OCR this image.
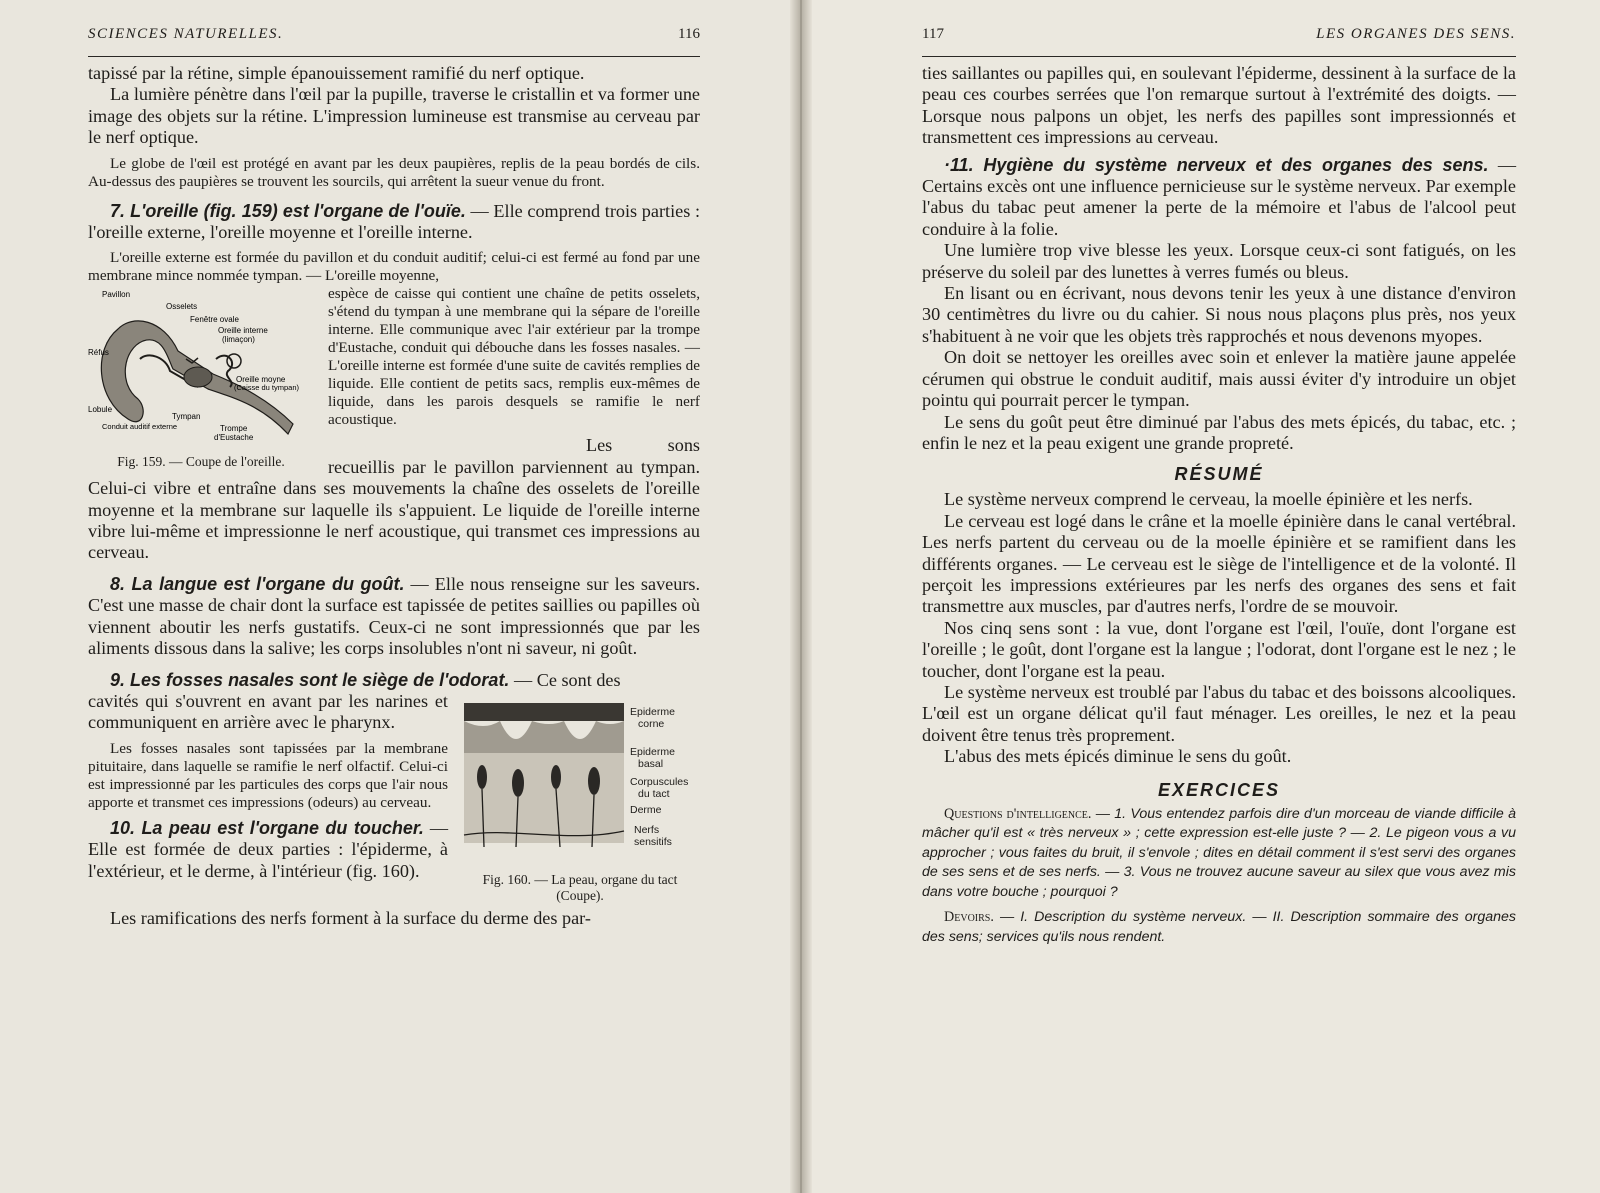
SCIENCES NATURELLES.	116

tapissé par la rétine, simple épanouissement ramifié du nerf optique.

La lumière pénètre dans l'œil par la pupille, traverse le cristallin et va former une image des objets sur la rétine. L'impression lumineuse est transmise au cerveau par le nerf optique.

Le globe de l'œil est protégé en avant par les deux paupières, replis de la peau bordés de cils. Au-dessus des paupières se trouvent les sourcils, qui arrêtent la sueur venue du front.

7. L'oreille (fig. 159) est l'organe de l'ouïe. — Elle comprend trois parties : l'oreille externe, l'oreille moyenne et l'oreille interne.

L'oreille externe est formée du pavillon et du conduit auditif; celui-ci est fermé au fond par une membrane mince nommée tympan. — L'oreille moyenne,

Pavillon
Osselets
Fenêtre ovale
Oreille interne
(limaçon)
Réfus
Oreille moyne
(Caisse du tympan)
Lobule
Tympan
Conduit auditif externe	Trompe
d'Eustache
Fig. 159. — Coupe de l'oreille.

espèce de caisse qui contient une chaîne de petits osselets, s'étend du tympan à une membrane qui la sépare de l'oreille interne. Elle communique avec l'air extérieur par la trompe d'Eustache, conduit qui débouche dans les fosses nasales. — L'oreille interne est formée d'une suite de cavités remplies de liquide. Elle contient de petits sacs, remplis eux-mêmes de liquide, dans les parois desquels se ramifie le nerf acoustique.

Les sons recueillis par le pavillon parviennent au tympan. Celui-ci vibre et entraîne dans ses mouvements la chaîne des osselets de l'oreille moyenne et la membrane sur laquelle ils s'appuient. Le liquide de l'oreille interne vibre lui-même et impressionne le nerf acoustique, qui transmet ces impressions au cerveau.

8. La langue est l'organe du goût. — Elle nous renseigne sur les saveurs. C'est une masse de chair dont la surface est tapissée de petites saillies ou papilles où viennent aboutir les nerfs gustatifs. Ceux-ci ne sont impressionnés que par les aliments dissous dans la salive; les corps insolubles n'ont ni saveur, ni goût.

9. Les fosses nasales sont le siège de l'odorat. — Ce sont des

Epiderme
corne
Epiderme
basal
Corpuscules
du tact
Derme
Nerfs
sensitifs
Fig. 160. — La peau, organe du tact (Coupe).

cavités qui s'ouvrent en avant par les narines et communiquent en arrière avec le pharynx.

Les fosses nasales sont tapissées par la membrane pituitaire, dans laquelle se ramifie le nerf olfactif. Celui-ci est impressionné par les particules des corps que l'air nous apporte et transmet ces impressions (odeurs) au cerveau.

10. La peau est l'organe du toucher. — Elle est formée de deux parties : l'épiderme, à l'extérieur, et le derme, à l'intérieur (fig. 160).

Les ramifications des nerfs forment à la surface du derme des par-

117	LES ORGANES DES SENS.

ties saillantes ou papilles qui, en soulevant l'épiderme, dessinent à la surface de la peau ces courbes serrées que l'on remarque surtout à l'extrémité des doigts. — Lorsque nous palpons un objet, les nerfs des papilles sont impressionnés et transmettent ces impressions au cerveau.

·11. Hygiène du système nerveux et des organes des sens. — Certains excès ont une influence pernicieuse sur le système nerveux. Par exemple l'abus du tabac peut amener la perte de la mémoire et l'abus de l'alcool peut conduire à la folie.

Une lumière trop vive blesse les yeux. Lorsque ceux-ci sont fatigués, on les préserve du soleil par des lunettes à verres fumés ou bleus.

En lisant ou en écrivant, nous devons tenir les yeux à une distance d'environ 30 centimètres du livre ou du cahier. Si nous nous plaçons plus près, nos yeux s'habituent à ne voir que les objets très rapprochés et nous devenons myopes.

On doit se nettoyer les oreilles avec soin et enlever la matière jaune appelée cérumen qui obstrue le conduit auditif, mais aussi éviter d'y introduire un objet pointu qui pourrait percer le tympan.

Le sens du goût peut être diminué par l'abus des mets épicés, du tabac, etc. ; enfin le nez et la peau exigent une grande propreté.

RÉSUMÉ

Le système nerveux comprend le cerveau, la moelle épinière et les nerfs.

Le cerveau est logé dans le crâne et la moelle épinière dans le canal vertébral. Les nerfs partent du cerveau ou de la moelle épinière et se ramifient dans les différents organes. — Le cerveau est le siège de l'intelligence et de la volonté. Il perçoit les impressions extérieures par les nerfs des organes des sens et fait transmettre aux muscles, par d'autres nerfs, l'ordre de se mouvoir.

Nos cinq sens sont : la vue, dont l'organe est l'œil, l'ouïe, dont l'organe est l'oreille ; le goût, dont l'organe est la langue ; l'odorat, dont l'organe est le nez ; le toucher, dont l'organe est la peau.

Le système nerveux est troublé par l'abus du tabac et des boissons alcooliques. L'œil est un organe délicat qu'il faut ménager. Les oreilles, le nez et la peau doivent être tenus très proprement.

L'abus des mets épicés diminue le sens du goût.

EXERCICES

Questions d'intelligence. — 1. Vous entendez parfois dire d'un morceau de viande difficile à mâcher qu'il est « très nerveux » ; cette expression est-elle juste ? — 2. Le pigeon vous a vu approcher ; vous faites du bruit, il s'envole ; dites en détail comment il s'est servi des organes de ses sens et de ses nerfs. — 3. Vous ne trouvez aucune saveur au silex que vous avez mis dans votre bouche ; pourquoi ?

Devoirs. — I. Description du système nerveux. — II. Description sommaire des organes des sens; services qu'ils nous rendent.
